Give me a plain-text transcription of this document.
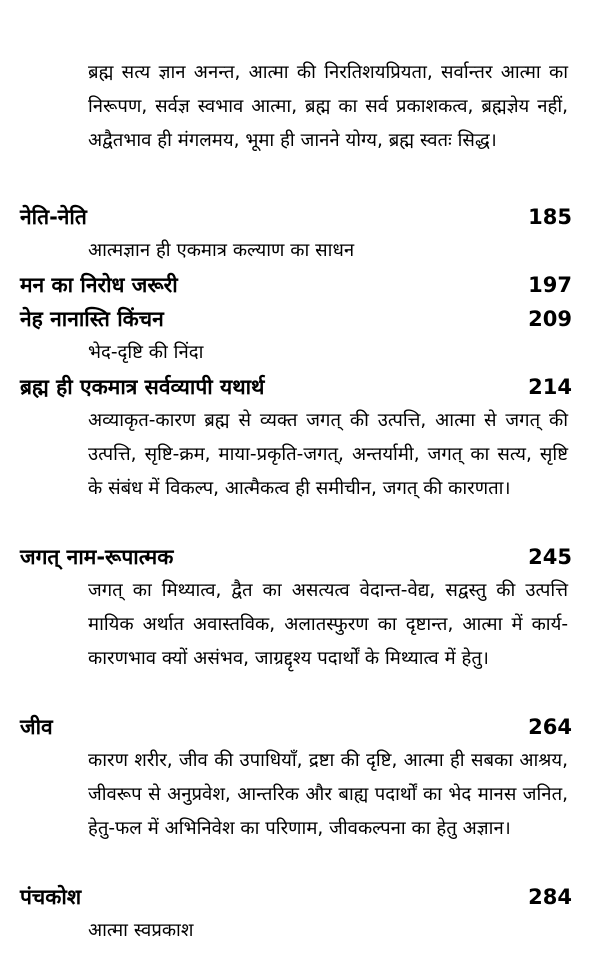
ब्रह्म सत्य ज्ञान अनन्त, आत्मा की निरतिशयप्रियता, सर्वान्तर आत्मा का निरूपण, सर्वज्ञ स्वभाव आत्मा, ब्रह्म का सर्व प्रकाशकत्व, ब्रह्मज्ञेय नहीं, अद्वैतभाव ही मंगलमय, भूमा ही जानने योग्य, ब्रह्म स्वतः सिद्ध।
नेति-नेति	185
आत्मज्ञान ही एकमात्र कल्याण का साधन
मन का निरोध जरूरी	197
नेह नानास्ति किंचन	209
भेद-दृष्टि की निंदा
ब्रह्म ही एकमात्र सर्वव्यापी यथार्थ	214
अव्याकृत-कारण ब्रह्म से व्यक्त जगत् की उत्पत्ति, आत्मा से जगत् की उत्पत्ति, सृष्टि-क्रम, माया-प्रकृति-जगत्, अन्तर्यामी, जगत् का सत्य, सृष्टि के संबंध में विकल्प, आत्मैकत्व ही समीचीन, जगत् की कारणता।
जगत् नाम-रूपात्मक	245
जगत् का मिथ्यात्व, द्वैत का असत्यत्व वेदान्त-वेद्य, सद्वस्तु की उत्पत्ति मायिक अर्थात अवास्तविक, अलातस्फुरण का दृष्टान्त, आत्मा में कार्य-कारणभाव क्यों असंभव, जाग्रद्दृश्य पदार्थों के मिथ्यात्व में हेतु।
जीव	264
कारण शरीर, जीव की उपाधियाँ, द्रष्टा की दृष्टि, आत्मा ही सबका आश्रय, जीवरूप से अनुप्रवेश, आन्तरिक और बाह्य पदार्थों का भेद मानस जनित, हेतु-फल में अभिनिवेश का परिणाम, जीवकल्पना का हेतु अज्ञान।
पंचकोश	284
आत्मा स्वप्रकाश
